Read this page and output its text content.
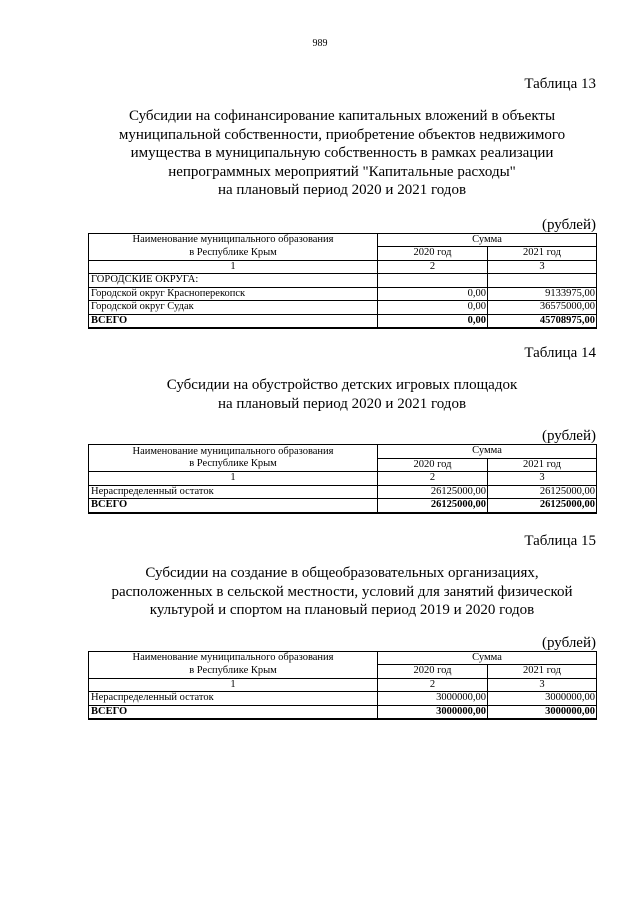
989
Таблица 13
Субсидии на софинансирование капитальных вложений в объекты
муниципальной собственности, приобретение объектов недвижимого
имущества в муниципальную собственность в рамках реализации
непрограммных мероприятий "Капитальные расходы"
на плановый период 2020 и 2021 годов
(рублей)
Наименование муниципального образования
в Республике Крым	Сумма	
	2020 год	2021 год
1	2	3
ГОРОДСКИЕ ОКРУГА:		
Городской округ Красноперекопск	0,00	9133975,00
Городской округ Судак	0,00	36575000,00
ВСЕГО	0,00	45708975,00
Таблица 14
Субсидии на обустройство детских игровых площадок
на плановый период 2020 и 2021 годов
(рублей)
Наименование муниципального образования
в Республике Крым	Сумма	
	2020 год	2021 год
1	2	3
Нераспределенный остаток	26125000,00	26125000,00
ВСЕГО	26125000,00	26125000,00
Таблица 15
Субсидии на создание в общеобразовательных организациях,
расположенных в сельской местности, условий для занятий физической
культурой и спортом на плановый период 2019 и 2020 годов
(рублей)
Наименование муниципального образования
в Республике Крым	Сумма	
	2020 год	2021 год
1	2	3
Нераспределенный остаток	3000000,00	3000000,00
ВСЕГО	3000000,00	3000000,00
